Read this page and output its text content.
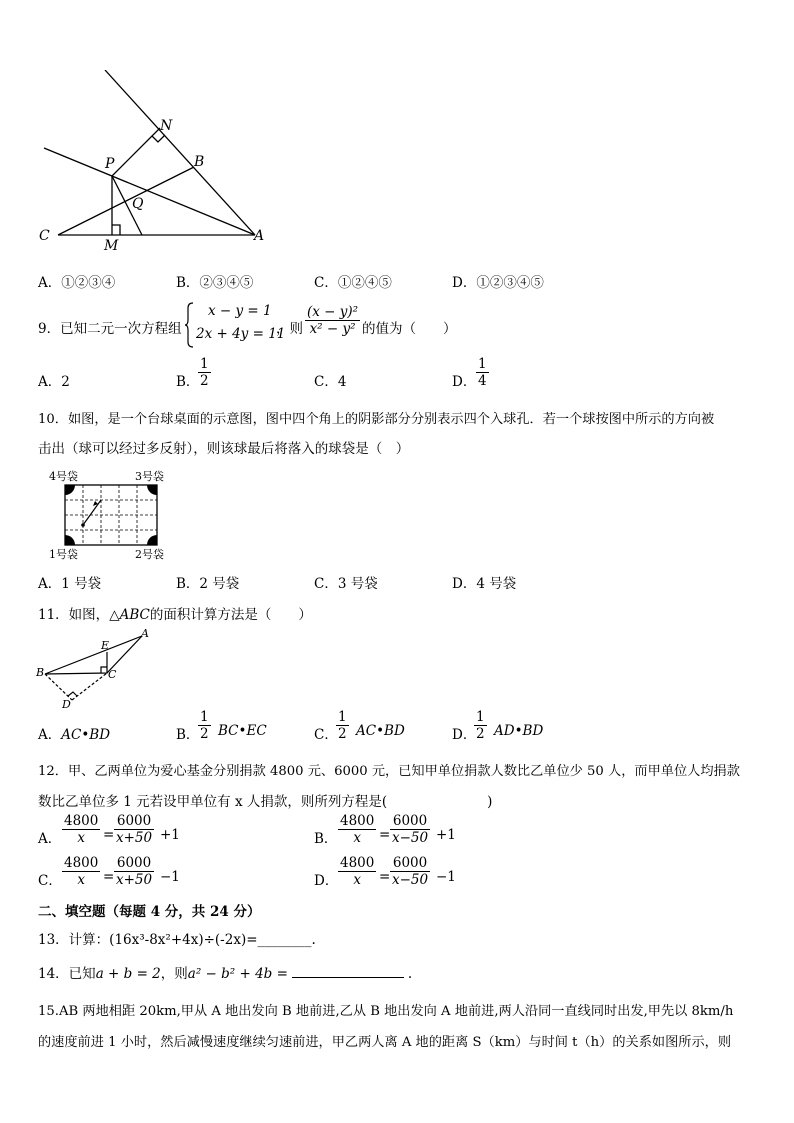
N
P	B
Q
C
M
A
A．①②③④	B．②③④⑤	C．①②④⑤	D．①②③④⑤
9．已知二元一次方程组
x − y = 1
2x + 4y = 11
，则
(x − y)²
x² − y² 的值为（　　）
A．2	B．
1
2	C．4	D．
1
4
10．如图，是一个台球桌面的示意图，图中四个角上的阴影部分分别表示四个入球孔．若一个球按图中所示的方向被
击出（球可以经过多反射），则该球最后将落入的球袋是（　）
4号袋	3号袋
1号袋	2号袋
A．1 号袋	B．2 号袋	C．3 号袋	D．4 号袋
11．如图，△ABC的面积计算方法是（　　）
A
E
B	C
D
A．AC•BD	B．
1
2 BC•EC	C．
1
2 AC•BD	D．
1
2 AD•BD
12．甲、乙两单位为爱心基金分别捐款 4800 元、6000 元，已知甲单位捐款人数比乙单位少 50 人，而甲单位人均捐款
数比乙单位多 1 元若设甲单位有 x 人捐款，则所列方程是(	)
A．
4800
x =
6000
x+50 +1	B．
4800
x =
6000
x−50 +1
C．
4800
x =
6000
x+50 −1	D．
4800
x =
6000
x−50 −1
二、填空题（每题 4 分，共 24 分）
13．计算：(16x³-8x²+4x)÷(-2x)=________.
14．已知a + b = 2，则a² − b² + 4b =	.
15.AB 两地相距 20km,甲从 A 地出发向 B 地前进,乙从 B 地出发向 A 地前进,两人沿同一直线同时出发,甲先以 8km/h
的速度前进 1 小时，然后减慢速度继续匀速前进，甲乙两人离 A 地的距离 S（km）与时间 t（h）的关系如图所示，则
